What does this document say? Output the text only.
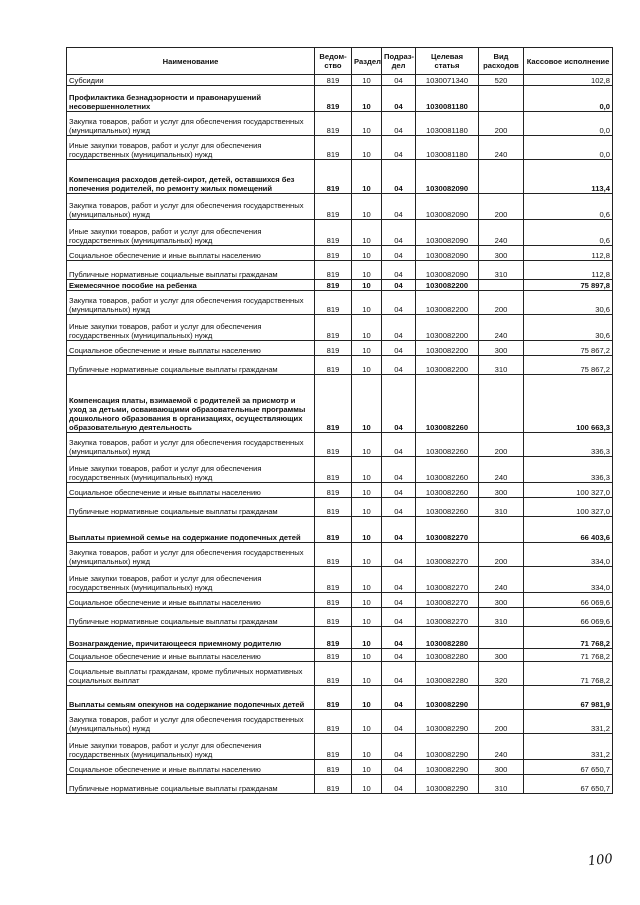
Наименование	Ведом-ство	Раздел	Подраз-дел	Целевая статья	Вид расходов	Кассовое исполнение
Субсидии	819	10	04	1030071340	520	102,8
Профилактика безнадзорности и правонарушений несовершеннолетних	819	10	04	1030081180		0,0
Закупка товаров, работ и услуг для обеспечения государственных (муниципальных) нужд	819	10	04	1030081180	200	0,0
Иные закупки товаров, работ и услуг для обеспечения государственных (муниципальных) нужд	819	10	04	1030081180	240	0,0
Компенсация расходов детей-сирот, детей, оставшихся без попечения родителей, по ремонту жилых помещений	819	10	04	1030082090		113,4
Закупка товаров, работ и услуг для обеспечения государственных (муниципальных) нужд	819	10	04	1030082090	200	0,6
Иные закупки товаров, работ и услуг для обеспечения государственных (муниципальных) нужд	819	10	04	1030082090	240	0,6
Социальное обеспечение и иные выплаты населению	819	10	04	1030082090	300	112,8
Публичные нормативные социальные выплаты гражданам	819	10	04	1030082090	310	112,8
Ежемесячное пособие на ребенка	819	10	04	1030082200		75 897,8
Закупка товаров, работ и услуг для обеспечения государственных (муниципальных) нужд	819	10	04	1030082200	200	30,6
Иные закупки товаров, работ и услуг для обеспечения государственных (муниципальных) нужд	819	10	04	1030082200	240	30,6
Социальное обеспечение и иные выплаты населению	819	10	04	1030082200	300	75 867,2
Публичные нормативные социальные выплаты гражданам	819	10	04	1030082200	310	75 867,2
Компенсация платы, взимаемой с родителей за присмотр и уход за детьми, осваивающими образовательные программы дошкольного образования в организациях, осуществляющих образовательную деятельность	819	10	04	1030082260		100 663,3
Закупка товаров, работ и услуг для обеспечения государственных (муниципальных) нужд	819	10	04	1030082260	200	336,3
Иные закупки товаров, работ и услуг для обеспечения государственных (муниципальных) нужд	819	10	04	1030082260	240	336,3
Социальное обеспечение и иные выплаты населению	819	10	04	1030082260	300	100 327,0
Публичные нормативные социальные выплаты гражданам	819	10	04	1030082260	310	100 327,0
Выплаты приемной семье на содержание подопечных детей	819	10	04	1030082270		66 403,6
Закупка товаров, работ и услуг для обеспечения государственных (муниципальных) нужд	819	10	04	1030082270	200	334,0
Иные закупки товаров, работ и услуг для обеспечения государственных (муниципальных) нужд	819	10	04	1030082270	240	334,0
Социальное обеспечение и иные выплаты населению	819	10	04	1030082270	300	66 069,6
Публичные нормативные социальные выплаты гражданам	819	10	04	1030082270	310	66 069,6
Вознаграждение, причитающееся приемному родителю	819	10	04	1030082280		71 768,2
Социальное обеспечение и иные выплаты населению	819	10	04	1030082280	300	71 768,2
Социальные выплаты гражданам, кроме публичных нормативных социальных выплат	819	10	04	1030082280	320	71 768,2
Выплаты семьям опекунов на содержание подопечных детей	819	10	04	1030082290		67 981,9
Закупка товаров, работ и услуг для обеспечения государственных (муниципальных) нужд	819	10	04	1030082290	200	331,2
Иные закупки товаров, работ и услуг для обеспечения государственных (муниципальных) нужд	819	10	04	1030082290	240	331,2
Социальное обеспечение и иные выплаты населению	819	10	04	1030082290	300	67 650,7
Публичные нормативные социальные выплаты гражданам	819	10	04	1030082290	310	67 650,7
100
